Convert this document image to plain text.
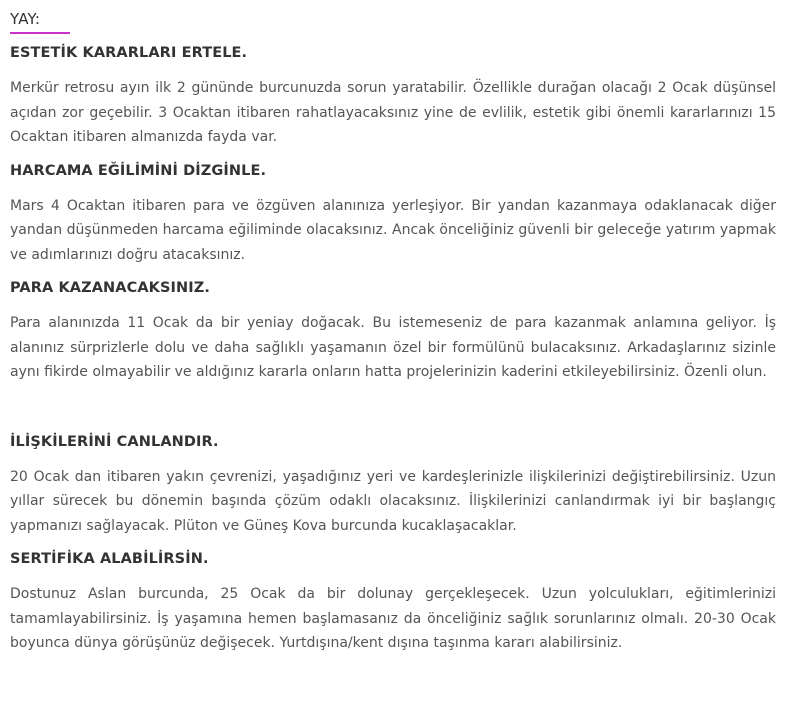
YAY:
ESTETİK KARARLARI ERTELE.

Merkür retrosu ayın ilk 2 gününde burcunuzda sorun yaratabilir. Özellikle durağan olacağı 2 Ocak düşünsel açıdan zor geçebilir. 3 Ocaktan itibaren rahatlayacaksınız yine de evlilik, estetik gibi önemli kararlarınızı 15 Ocaktan itibaren almanızda fayda var.

HARCAMA EĞİLİMİNİ DİZGİNLE.

Mars 4 Ocaktan itibaren para ve özgüven alanınıza yerleşiyor. Bir yandan kazanmaya odaklanacak diğer yandan düşünmeden harcama eğiliminde olacaksınız. Ancak önceliğiniz güvenli bir geleceğe yatırım yapmak ve adımlarınızı doğru atacaksınız.

PARA KAZANACAKSINIZ.

Para alanınızda 11 Ocak da bir yeniay doğacak. Bu istemeseniz de para kazanmak anlamına geliyor. İş alanınız sürprizlerle dolu ve daha sağlıklı yaşamanın özel bir formülünü bulacaksınız. Arkadaşlarınız sizinle aynı fikirde olmayabilir ve aldığınız kararla onların hatta projelerinizin kaderini etkileyebilirsiniz. Özenli olun.

İLİŞKİLERİNİ CANLANDIR.

20 Ocak dan itibaren yakın çevrenizi, yaşadığınız yeri ve kardeşlerinizle ilişkilerinizi değiştirebilirsiniz. Uzun yıllar sürecek bu dönemin başında çözüm odaklı olacaksınız. İlişkilerinizi canlandırmak iyi bir başlangıç yapmanızı sağlayacak. Plüton ve Güneş Kova burcunda kucaklaşacaklar.

SERTİFİKA ALABİLİRSİN.

Dostunuz Aslan burcunda, 25 Ocak da bir dolunay gerçekleşecek. Uzun yolculukları, eğitimlerinizi tamamlayabilirsiniz. İş yaşamına hemen başlamasanız da önceliğiniz sağlık sorunlarınız olmalı. 20-30 Ocak boyunca dünya görüşünüz değişecek. Yurtdışına/kent dışına taşınma kararı alabilirsiniz.
